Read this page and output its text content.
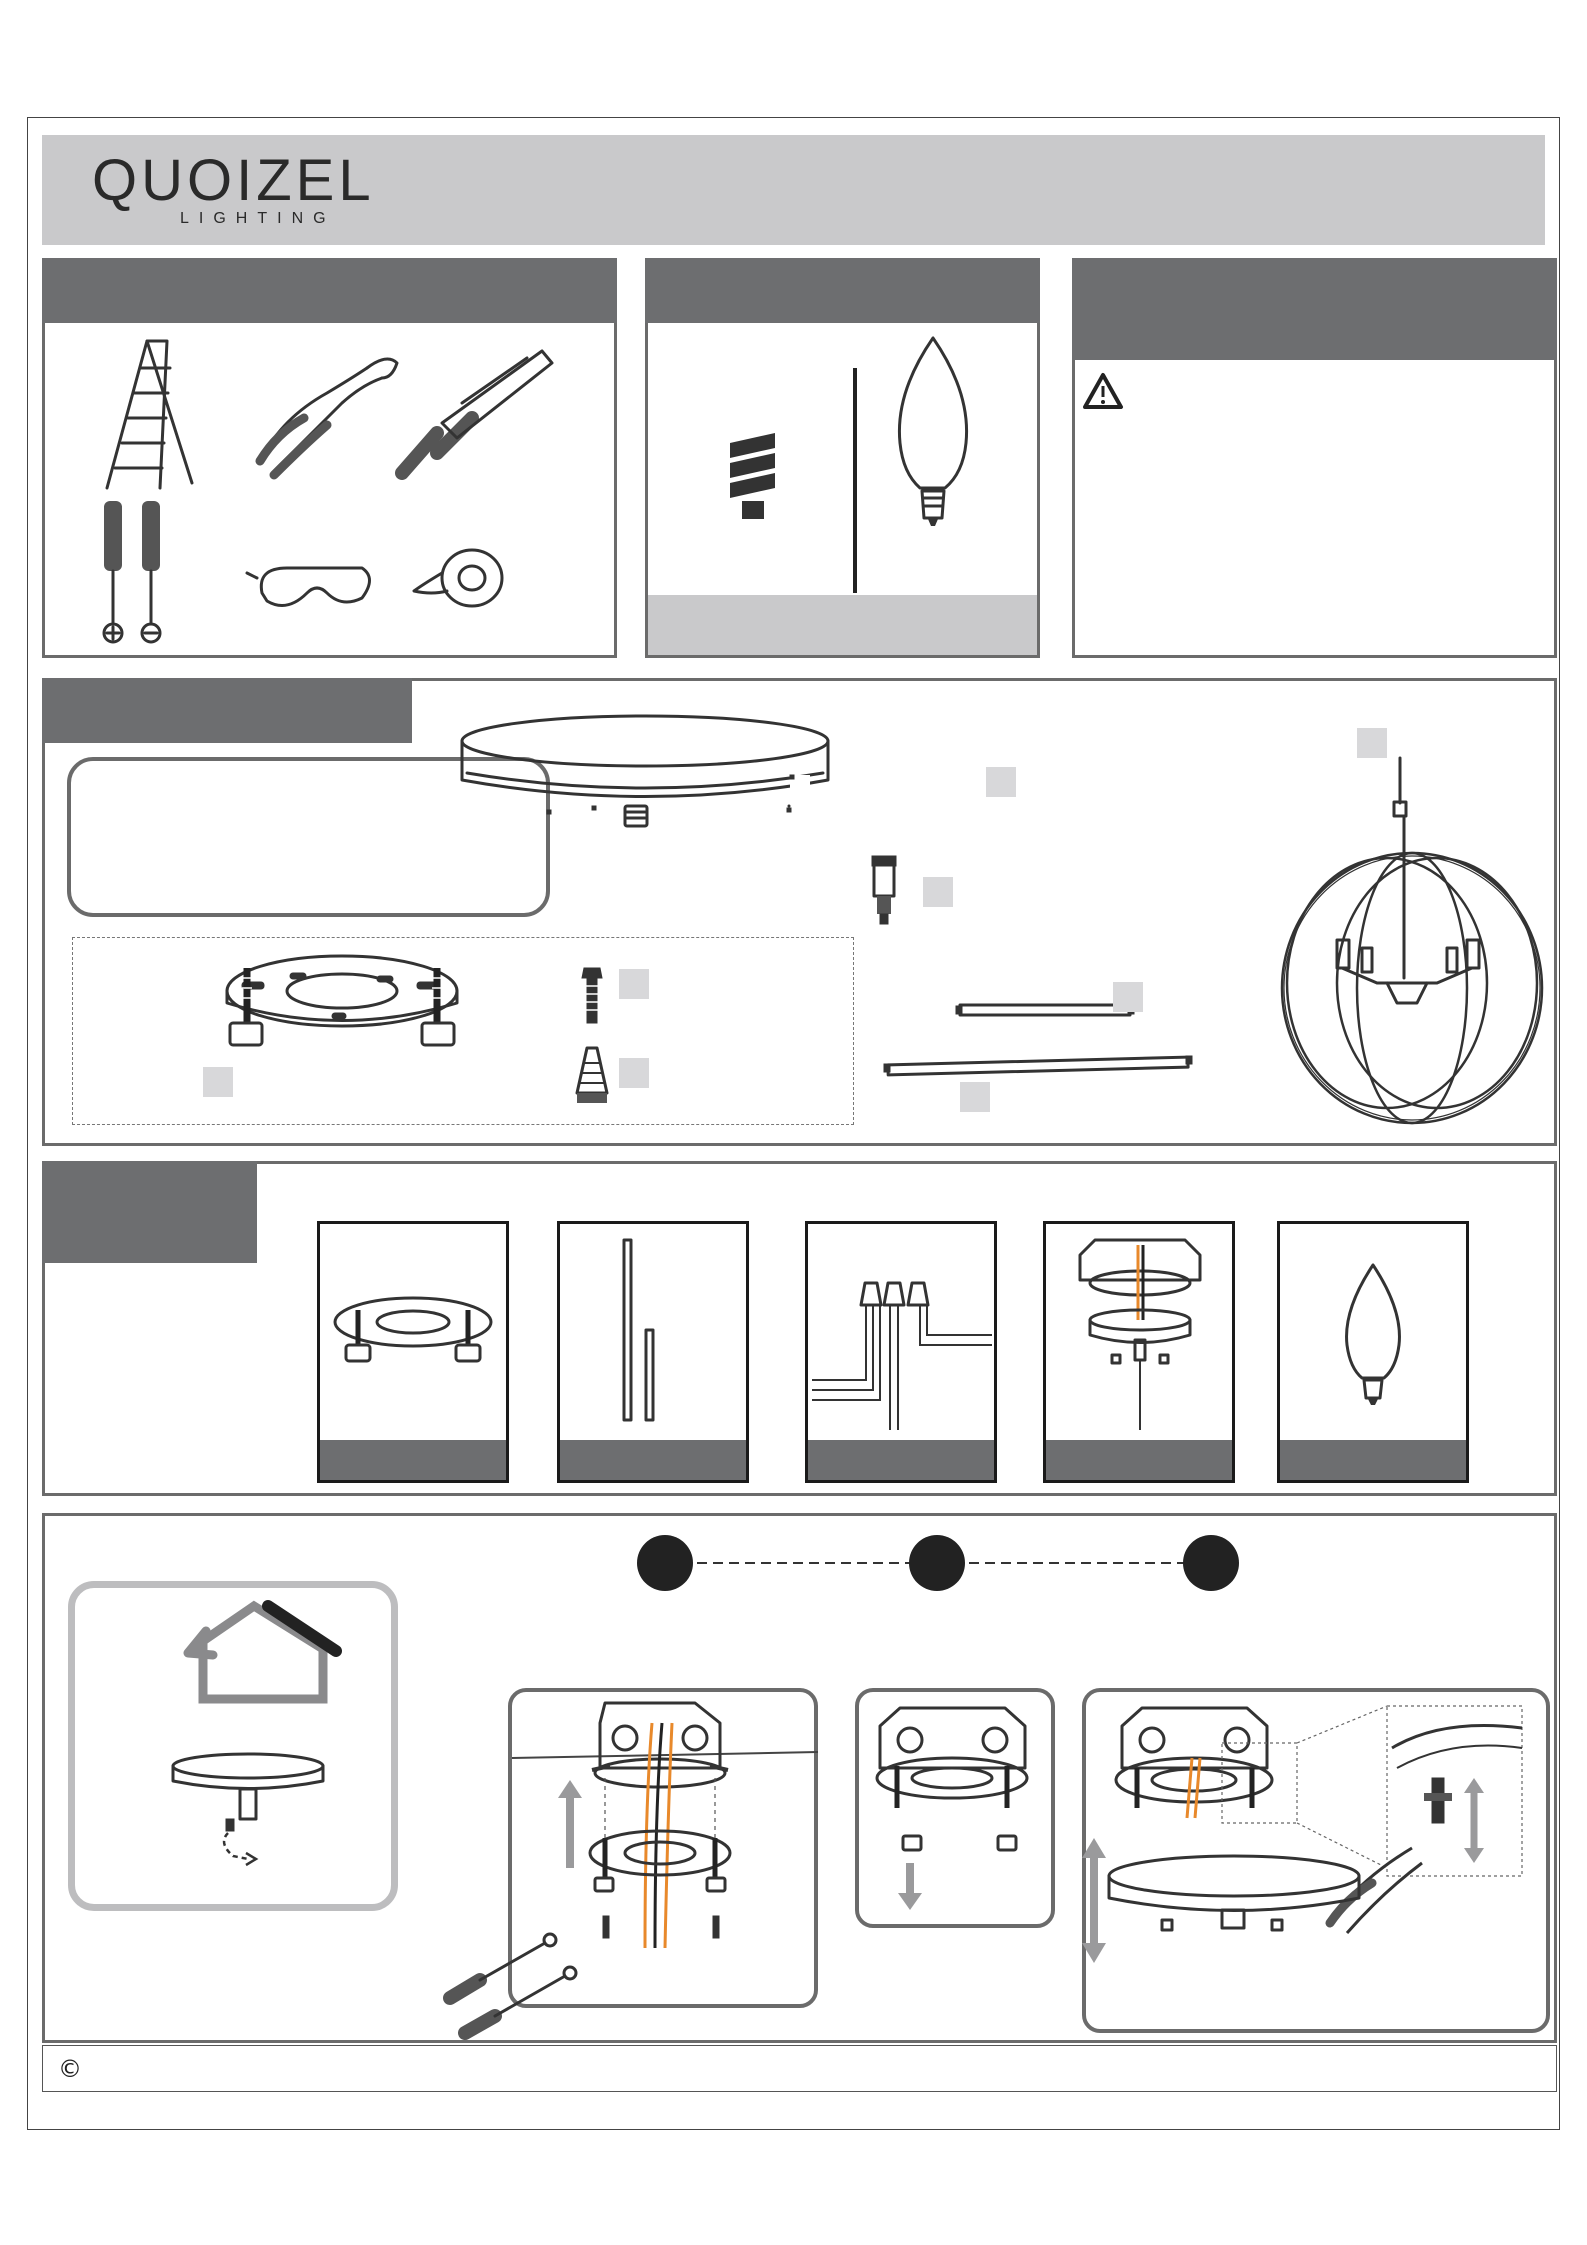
QUOIZEL
LIGHTING
©
